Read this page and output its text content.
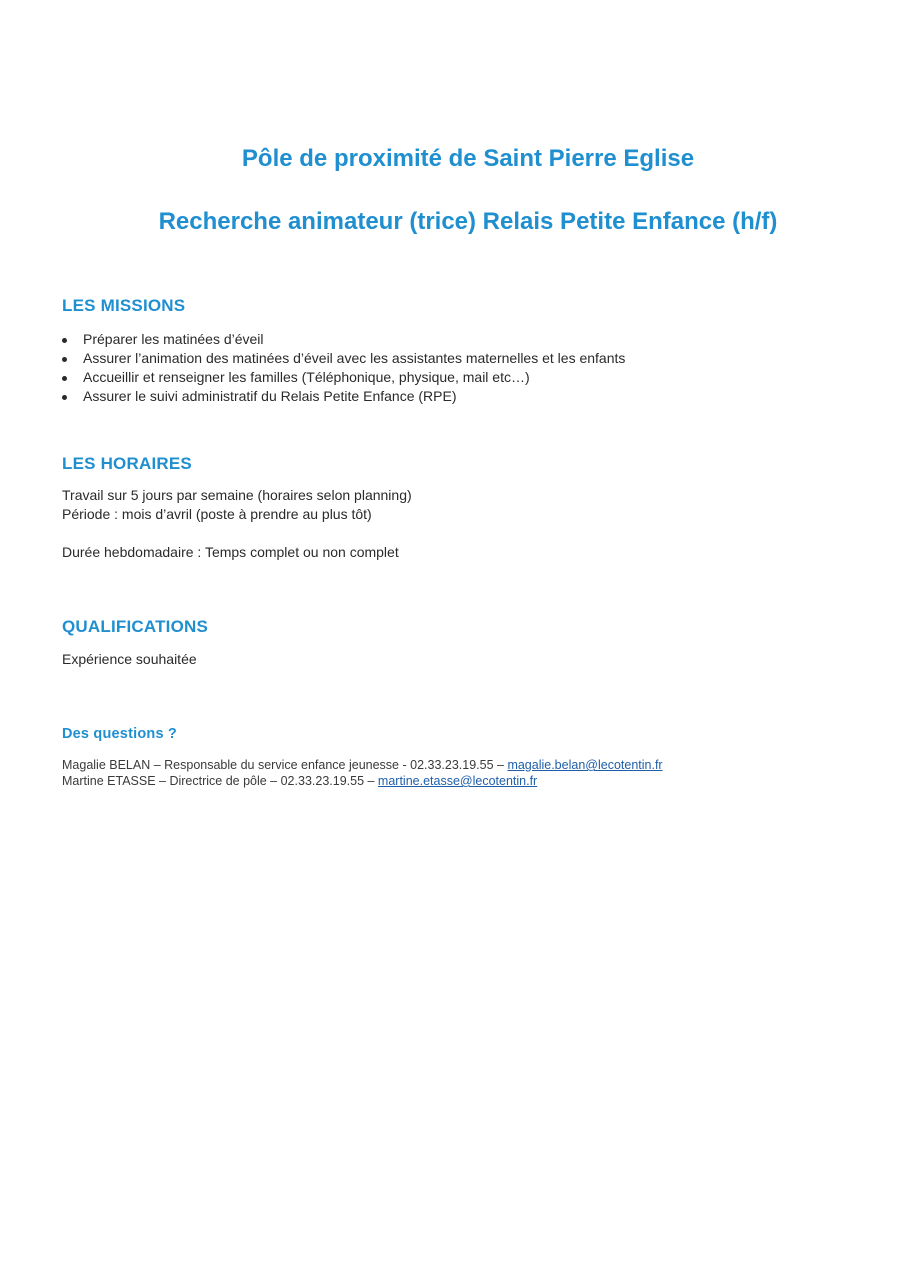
Pôle de proximité de Saint Pierre Eglise
Recherche animateur (trice) Relais Petite Enfance (h/f)
LES MISSIONS
Préparer les matinées d’éveil
Assurer l’animation des matinées d’éveil avec les assistantes maternelles et les enfants
Accueillir et renseigner les familles (Téléphonique, physique, mail etc…)
Assurer le suivi administratif du Relais Petite Enfance (RPE)
LES HORAIRES

Travail sur 5 jours par semaine (horaires selon planning)

Période : mois d’avril (poste à prendre au plus tôt)

Durée hebdomadaire : Temps complet ou non complet

QUALIFICATIONS

Expérience souhaitée

Des questions ?

Magalie BELAN – Responsable du service enfance jeunesse - 02.33.23.19.55 – magalie.belan@lecotentin.fr

Martine ETASSE – Directrice de pôle – 02.33.23.19.55 – martine.etasse@lecotentin.fr
